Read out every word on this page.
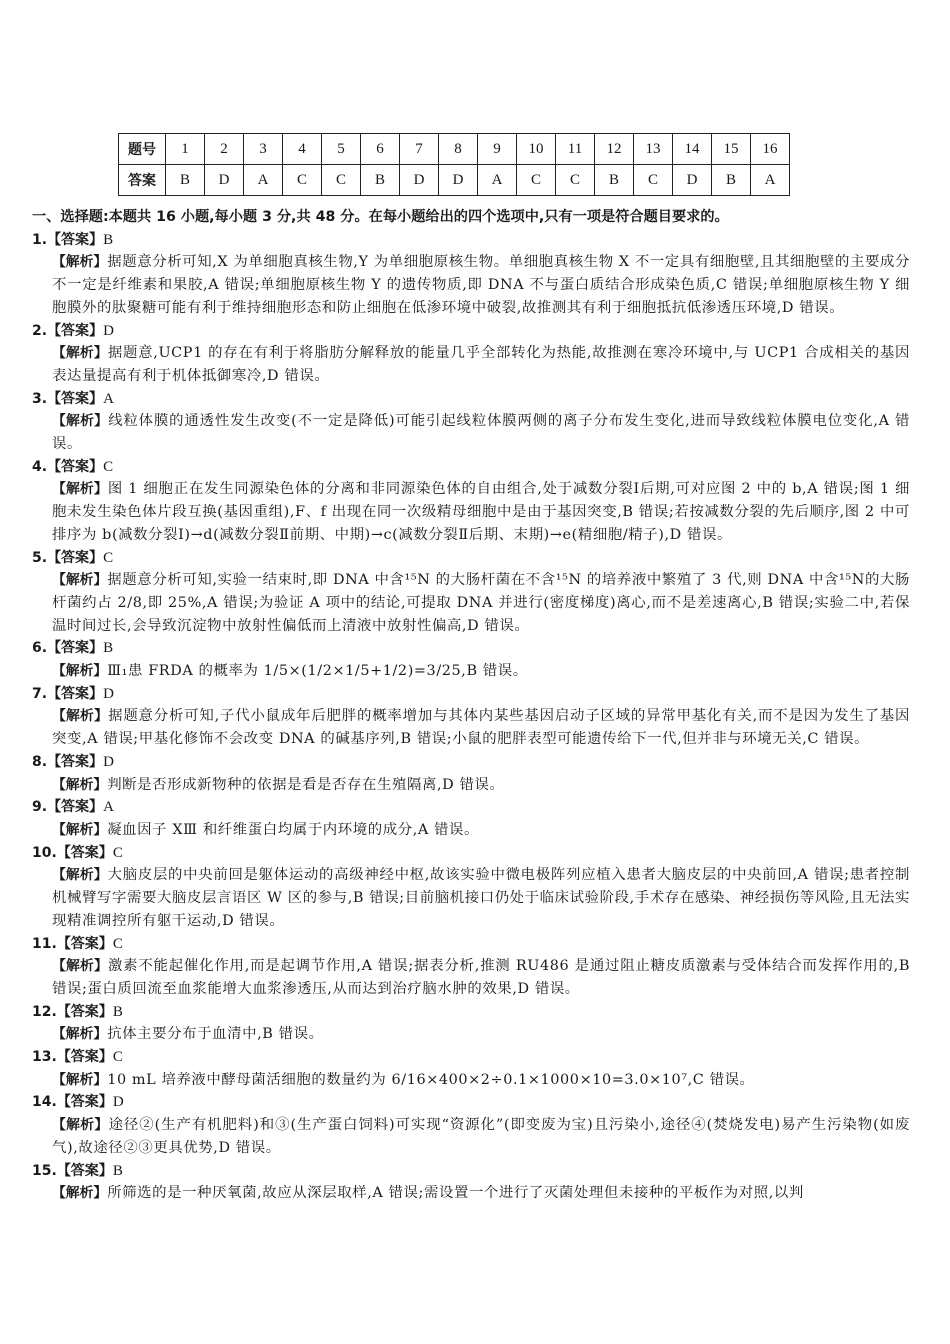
题号	1	2	3	4	5	6	7	8	9	10	11	12	13	14	15	16
答案	B	D	A	C	C	B	D	D	A	C	C	B	C	D	B	A

一、选择题:本题共 16 小题,每小题 3 分,共 48 分。在每小题给出的四个选项中,只有一项是符合题目要求的。

1.【答案】B

【解析】据题意分析可知,X 为单细胞真核生物,Y 为单细胞原核生物。单细胞真核生物 X 不一定具有细胞壁,且其细胞壁的主要成分不一定是纤维素和果胶,A 错误;单细胞原核生物 Y 的遗传物质,即 DNA 不与蛋白质结合形成染色质,C 错误;单细胞原核生物 Y 细胞膜外的肽聚糖可能有利于维持细胞形态和防止细胞在低渗环境中破裂,故推测其有利于细胞抵抗低渗透压环境,D 错误。

2.【答案】D

【解析】据题意,UCP1 的存在有利于将脂肪分解释放的能量几乎全部转化为热能,故推测在寒冷环境中,与 UCP1 合成相关的基因表达量提高有利于机体抵御寒冷,D 错误。

3.【答案】A

【解析】线粒体膜的通透性发生改变(不一定是降低)可能引起线粒体膜两侧的离子分布发生变化,进而导致线粒体膜电位变化,A 错误。

4.【答案】C

【解析】图 1 细胞正在发生同源染色体的分离和非同源染色体的自由组合,处于减数分裂Ⅰ后期,可对应图 2 中的 b,A 错误;图 1 细胞未发生染色体片段互换(基因重组),F、f 出现在同一次级精母细胞中是由于基因突变,B 错误;若按减数分裂的先后顺序,图 2 中可排序为 b(减数分裂Ⅰ)→d(减数分裂Ⅱ前期、中期)→c(减数分裂Ⅱ后期、末期)→e(精细胞/精子),D 错误。

5.【答案】C

【解析】据题意分析可知,实验一结束时,即 DNA 中含¹⁵N 的大肠杆菌在不含¹⁵N 的培养液中繁殖了 3 代,则 DNA 中含¹⁵N的大肠杆菌约占 2/8,即 25%,A 错误;为验证 A 项中的结论,可提取 DNA 并进行(密度梯度)离心,而不是差速离心,B 错误;实验二中,若保温时间过长,会导致沉淀物中放射性偏低而上清液中放射性偏高,D 错误。

6.【答案】B

【解析】Ⅲ₁患 FRDA 的概率为 1/5×(1/2×1/5+1/2)=3/25,B 错误。

7.【答案】D

【解析】据题意分析可知,子代小鼠成年后肥胖的概率增加与其体内某些基因启动子区域的异常甲基化有关,而不是因为发生了基因突变,A 错误;甲基化修饰不会改变 DNA 的碱基序列,B 错误;小鼠的肥胖表型可能遗传给下一代,但并非与环境无关,C 错误。

8.【答案】D

【解析】判断是否形成新物种的依据是看是否存在生殖隔离,D 错误。

9.【答案】A

【解析】凝血因子 XⅢ 和纤维蛋白均属于内环境的成分,A 错误。

10.【答案】C

【解析】大脑皮层的中央前回是躯体运动的高级神经中枢,故该实验中微电极阵列应植入患者大脑皮层的中央前回,A 错误;患者控制机械臂写字需要大脑皮层言语区 W 区的参与,B 错误;目前脑机接口仍处于临床试验阶段,手术存在感染、神经损伤等风险,且无法实现精准调控所有躯干运动,D 错误。

11.【答案】C

【解析】激素不能起催化作用,而是起调节作用,A 错误;据表分析,推测 RU486 是通过阻止糖皮质激素与受体结合而发挥作用的,B 错误;蛋白质回流至血浆能增大血浆渗透压,从而达到治疗脑水肿的效果,D 错误。

12.【答案】B

【解析】抗体主要分布于血清中,B 错误。

13.【答案】C

【解析】10 mL 培养液中酵母菌活细胞的数量约为 6/16×400×2÷0.1×1000×10=3.0×10⁷,C 错误。

14.【答案】D

【解析】途径②(生产有机肥料)和③(生产蛋白饲料)可实现“资源化”(即变废为宝)且污染小,途径④(焚烧发电)易产生污染物(如废气),故途径②③更具优势,D 错误。

15.【答案】B

【解析】所筛选的是一种厌氧菌,故应从深层取样,A 错误;需设置一个进行了灭菌处理但未接种的平板作为对照,以判
